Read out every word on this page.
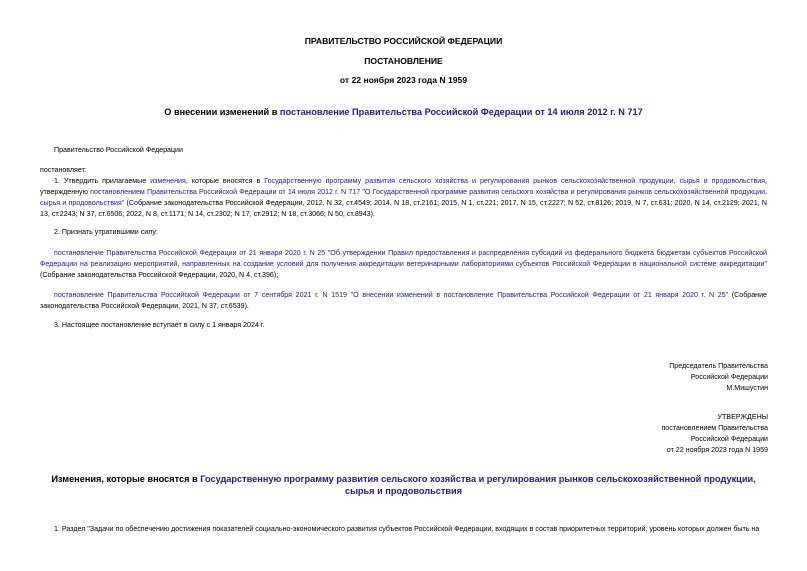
ПРАВИТЕЛЬСТВО РОССИЙСКОЙ ФЕДЕРАЦИИ
ПОСТАНОВЛЕНИЕ
от 22 ноября 2023 года N 1959
О внесении изменений в постановление Правительства Российской Федерации от 14 июля 2012 г. N 717
Правительство Российской Федерации
постановляет:
1. Утвердить прилагаемые изменения, которые вносятся в Государственную программу развития сельского хозяйства и регулирования рынков сельскохозяйственной продукции, сырья и продовольствия, утвержденную постановлением Правительства Российской Федерации от 14 июля 2012 г. N 717 "О Государственной программе развития сельского хозяйства и регулирования рынков сельскохозяйственной продукции, сырья и продовольствия" (Собрание законодательства Российской Федерации, 2012, N 32, ст.4549; 2014, N 18, ст.2161; 2015, N 1, ст.221; 2017, N 15, ст.2227; N 52, ст.8126; 2019, N 7, ст.631; 2020, N 14, ст.2129; 2021, N 13, ст.2243; N 37, ст.6506; 2022, N 8, ст.1171; N 14, ст.2302; N 17, ст.2912; N 18, ст.3066; N 50, ст.8943).
2. Признать утратившими силу:
постановление Правительства Российской Федерации от 21 января 2020 г. N 25 "Об утверждении Правил предоставления и распределения субсидий из федерального бюджета бюджетам субъектов Российской Федерации на реализацию мероприятий, направленных на создание условий для получения аккредитации ветеринарными лабораториями субъектов Российской Федерации в национальной системе аккредитации" (Собрание законодательства Российской Федерации, 2020, N 4, ст.396);
постановление Правительства Российской Федерации от 7 сентября 2021 г. N 1519 "О внесении изменений в постановление Правительства Российской Федерации от 21 января 2020 г. N 25" (Собрание законодательства Российской Федерации, 2021, N 37, ст.6539).
3. Настоящее постановление вступает в силу с 1 января 2024 г.
Председатель Правительства
Российской Федерации
М.Мишустин
УТВЕРЖДЕНЫ
постановлением Правительства
Российской Федерации
от 22 ноября 2023 года N 1959
Изменения, которые вносятся в Государственную программу развития сельского хозяйства и регулирования рынков сельскохозяйственной продукции, сырья и продовольствия
1. Раздел "Задачи по обеспечению достижения показателей социально-экономического развития субъектов Российской Федерации, входящих в состав приоритетных территорий, уровень которых должен быть на
